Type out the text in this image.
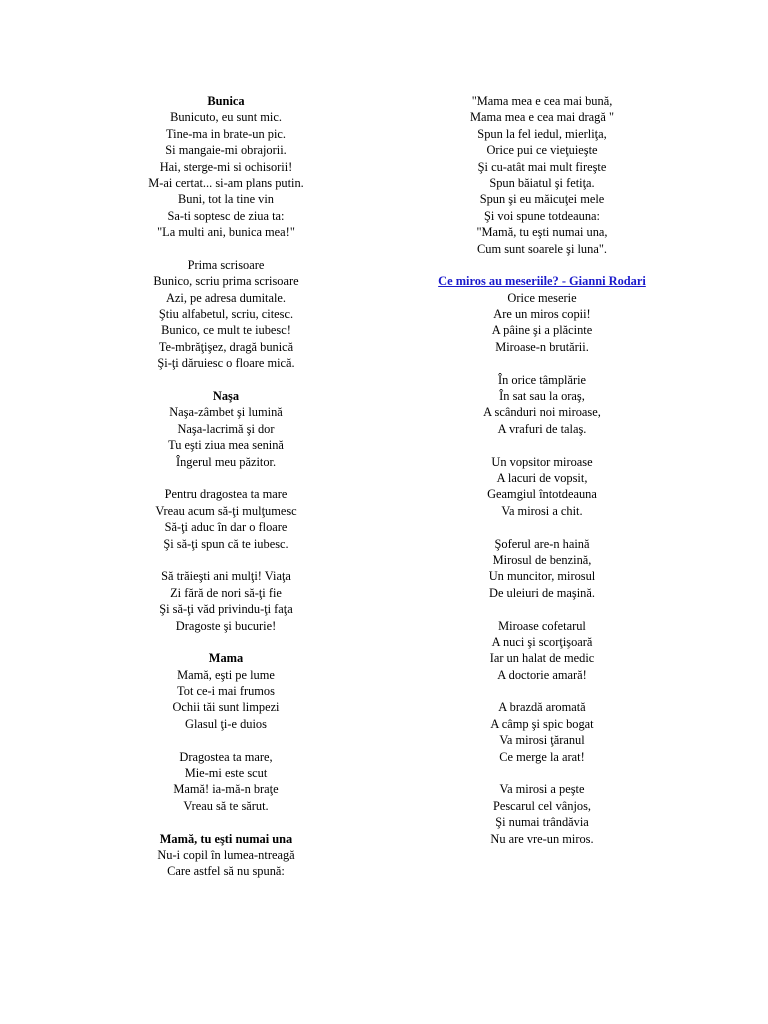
Bunica
Bunicuto, eu sunt mic.
Tine-ma in brate-un pic.
Si mangaie-mi obrajorii.
Hai, sterge-mi si ochisorii!
M-ai certat... si-am plans putin.
Buni, tot la tine vin
Sa-ti soptesc de ziua ta:
"La multi ani, bunica mea!"
Prima scrisoare
Bunico, scriu prima scrisoare
Azi, pe adresa dumitale.
Ştiu alfabetul, scriu, citesc.
Bunico, ce mult te iubesc!
Te-mbrăţişez, dragă bunică
Şi-ţi dăruiesc o floare mică.
Naşa
Naşa-zâmbet şi lumină
Naşa-lacrimă şi dor
Tu eşti ziua mea senină
Îngerul meu păzitor.
Pentru dragostea ta mare
Vreau acum să-ţi mulţumesc
Să-ţi aduc în dar o floare
Şi să-ţi spun că te iubesc.
Să trăieşti ani mulţi! Viaţa
Zi fără de nori să-ţi fie
Şi să-ţi văd privindu-ţi faţa
Dragoste şi bucurie!
Mama
Mamă, eşti pe lume
Tot ce-i mai frumos
Ochii tăi sunt limpezi
Glasul ţi-e duios
Dragostea ta mare,
Mie-mi este scut
Mamă! ia-mă-n braţe
Vreau să te sărut.
Mamă, tu eşti numai una
Nu-i copil în lumea-ntreagă
Care astfel să nu spună:
"Mama mea e cea mai bună,
Mama mea e cea mai dragă "
Spun la fel iedul, mierliţa,
Orice pui ce vieţuieşte
Şi cu-atât mai mult fireşte
Spun băiatul şi fetiţa.
Spun şi eu măicuţei mele
Şi voi spune totdeauna:
"Mamă, tu eşti numai una,
Cum sunt soarele şi luna".
Ce miros au meseriile? - Gianni Rodari
Orice meserie
Are un miros copii!
A pâine şi a plăcinte
Miroase-n brutării.
În orice tâmplărie
În sat sau la oraş,
A scânduri noi miroase,
A vrafuri de talaş.
Un vopsitor miroase
A lacuri de vopsit,
Geamgiul întotdeauna
Va mirosi a chit.
Şoferul are-n haină
Mirosul de benzină,
Un muncitor, mirosul
De uleiuri de maşină.
Miroase cofetarul
A nuci şi scorţişoară
Iar un halat de medic
A doctorie amară!
A brazdă aromată
A câmp şi spic bogat
Va mirosi ţăranul
Ce merge la arat!
Va mirosi a peşte
Pescarul cel vânjos,
Şi numai trândăvia
Nu are vre-un miros.
